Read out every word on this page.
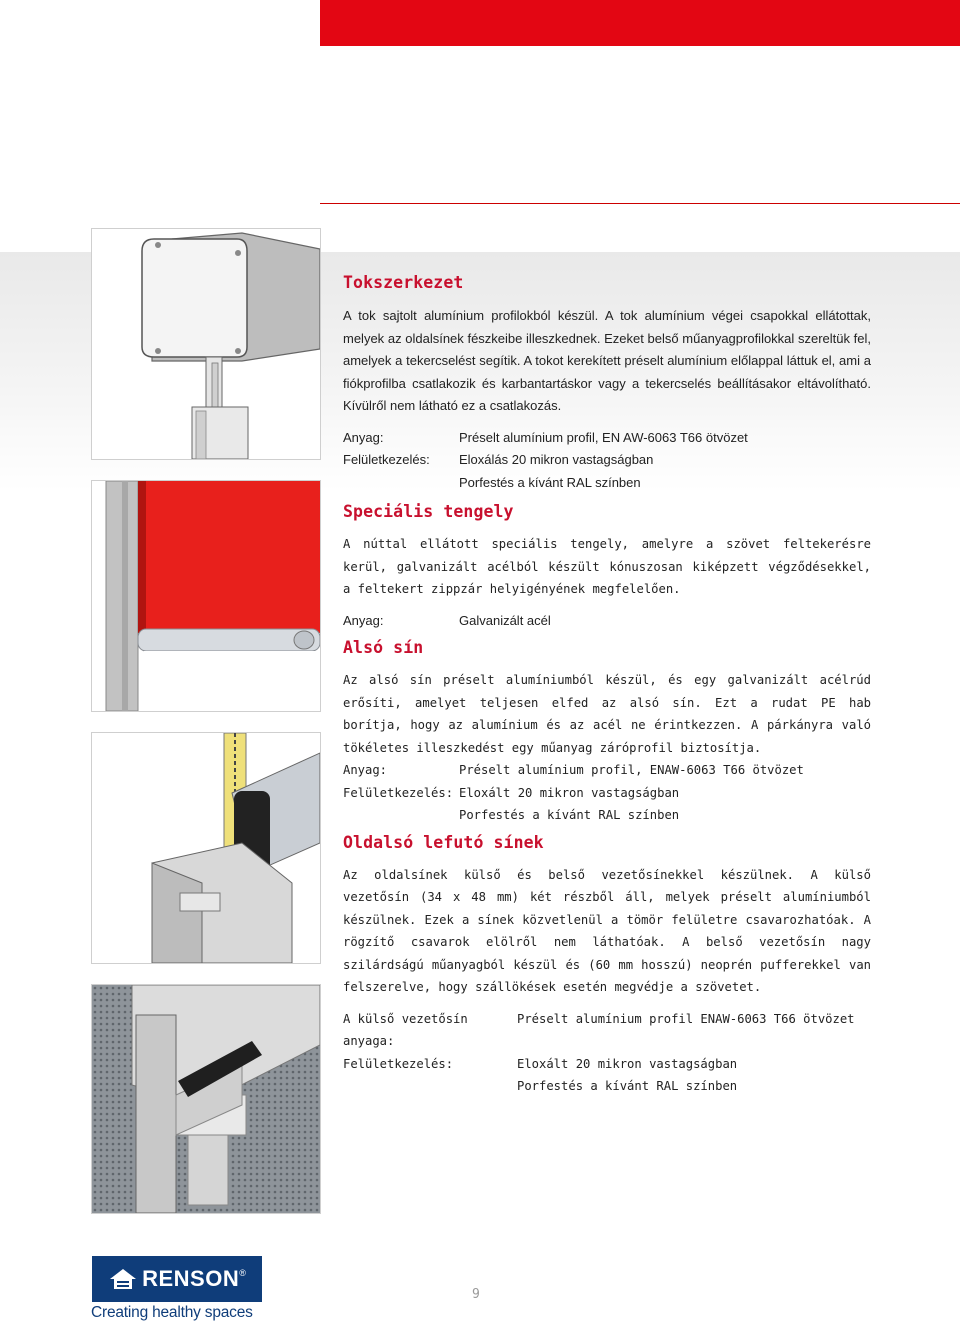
Tokszerkezet

A tok sajtolt alumínium profilokból készül. A tok alumínium végei csapokkal ellátottak, melyek az oldalsínek fészkeibe illeszkednek. Ezeket belső műanyagprofilokkal szereltük fel, amelyek a tekercselést segítik. A tokot kerekített préselt alumínium előlappal láttuk el, ami a fiókprofilba csatlakozik és karbantartáskor vagy a tekercselés beállításakor eltávolítható. Kívülről nem látható ez a csatlakozás.

Anyag:	Préselt alumínium profil, EN AW-6063 T66 ötvözet
Felületkezelés:	Eloxálás 20 mikron vastagságban
Porfestés a kívánt RAL színben
Speciális tengely

A núttal ellátott speciális tengely, amelyre a szövet feltekerésre kerül, galvanizált acélból készült kónuszosan kiképzett végződésekkel, a feltekert zippzár helyigényének megfelelően.

Anyag:	Galvanizált acél
Alsó sín

Az alsó sín préselt alumíniumból készül, és egy galvanizált acélrúd erősíti, amelyet teljesen elfed az alsó sín. Ezt a rudat PE hab borítja, hogy az alumínium és az acél ne érintkezzen. A párkányra való tökéletes illeszkedést egy műanyag záróprofil biztosítja.

Anyag:	Préselt alumínium profil, ENAW-6063 T66 ötvözet
Felületkezelés: Eloxált 20 mikron vastagságban
Porfestés a kívánt RAL színben
Oldalsó lefutó sínek

Az oldalsínek külső és belső vezetősínekkel készülnek. A külső vezetősín (34 x 48 mm) két részből áll, melyek préselt alumíniumból készülnek. Ezek a sínek közvetlenül a tömör felületre csavarozhatóak. A rögzítő csavarok elölről nem láthatóak. A belső vezetősín nagy szilárdságú műanyagból készül és (60 mm hosszú) neoprén pufferekkel van felszerelve, hogy szállökések esetén megvédje a szövetet.

A külső vezetősín anyaga:
Préselt alumínium profil ENAW-6063 T66 ötvözet
Felületkezelés:	Eloxált 20 mikron vastagságban
Porfestés a kívánt RAL színben
RENSON ®
Creating healthy spaces
9
